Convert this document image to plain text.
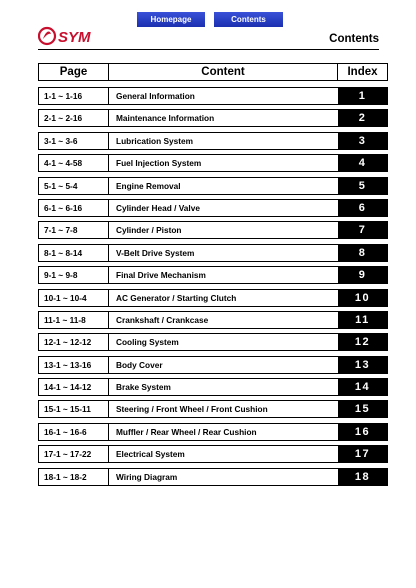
Homepage	Contents
SYM	Contents
Page	Content	Index
1-1 ~ 1-16	General Information	1
2-1 ~ 2-16	Maintenance Information	2
3-1 ~ 3-6	Lubrication System	3
4-1 ~ 4-58	Fuel Injection System	4
5-1 ~ 5-4	Engine Removal	5
6-1 ~ 6-16	Cylinder Head / Valve	6
7-1 ~ 7-8	Cylinder / Piston	7
8-1 ~ 8-14	V-Belt Drive System	8
9-1 ~ 9-8	Final Drive Mechanism	9
10-1 ~ 10-4	AC Generator / Starting Clutch	10
11-1 ~ 11-8	Crankshaft / Crankcase	11
12-1 ~ 12-12	Cooling System	12
13-1 ~ 13-16	Body Cover	13
14-1 ~ 14-12	Brake System	14
15-1 ~ 15-11	Steering / Front Wheel / Front Cushion	15
16-1 ~ 16-6	Muffler / Rear Wheel / Rear Cushion	16
17-1 ~ 17-22	Electrical System	17
18-1 ~ 18-2	Wiring Diagram	18
